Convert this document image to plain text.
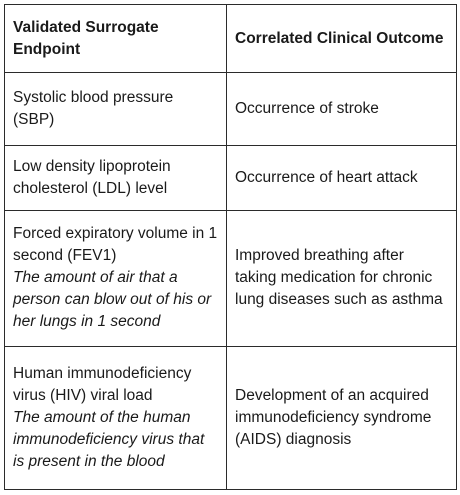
Validated Surrogate Endpoint	Correlated Clinical Outcome

Systolic blood pressure (SBP)	Occurrence of stroke

Low density lipoprotein cholesterol (LDL) level	Occurrence of heart attack

Forced expiratory volume in 1 second (FEV1)
The amount of air that a person can blow out of his or her lungs in 1 second	Improved breathing after taking medication for chronic lung diseases such as asthma

Human immunodeficiency virus (HIV) viral load
The amount of the human immunodeficiency virus that is present in the blood	Development of an acquired immunodeficiency syndrome (AIDS) diagnosis
